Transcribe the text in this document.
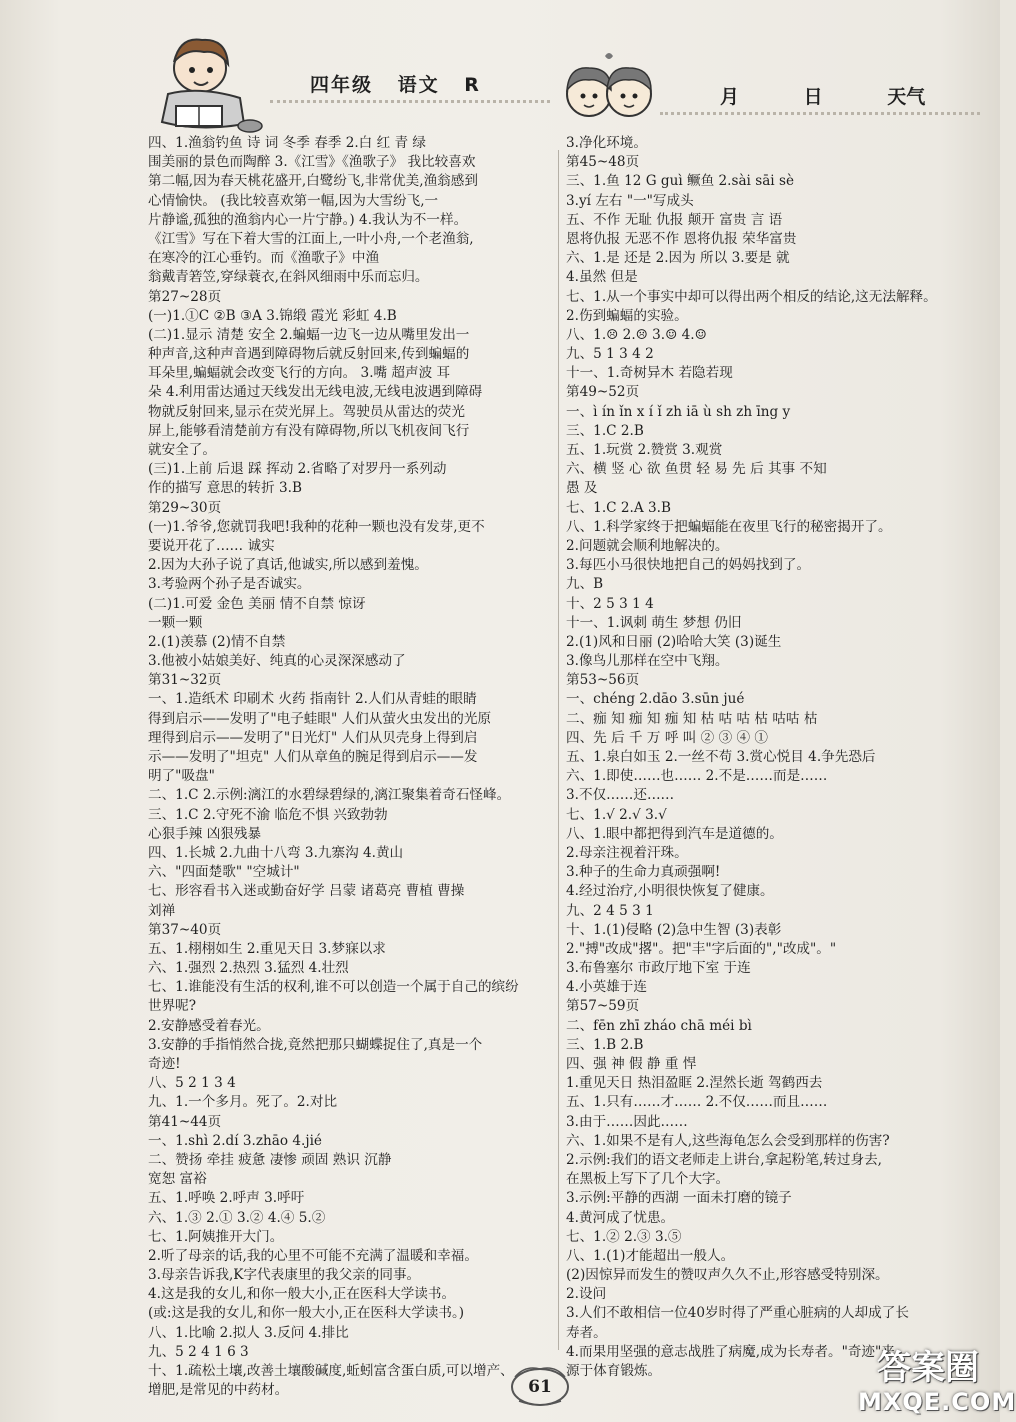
四年级 语文 R
月	日	天气
四、1.渔翁钓鱼 诗 词 冬季 春季 2.白 红 青 绿
围美丽的景色而陶醉 3.《江雪》《渔歌子》 我比较喜欢
第二幅,因为春天桃花盛开,白鹭纷飞,非常优美,渔翁感到
心情愉快。 (我比较喜欢第一幅,因为大雪纷飞,一
片静谧,孤独的渔翁内心一片宁静。) 4.我认为不一样。
《江雪》写在下着大雪的江面上,一叶小舟,一个老渔翁,
在寒冷的江心垂钓。而《渔歌子》中渔
翁戴青箬笠,穿绿蓑衣,在斜风细雨中乐而忘归。
第27~28页
(一)1.①C ②B ③A 3.锦缎 霞光 彩虹 4.B
(二)1.显示 清楚 安全 2.蝙蝠一边飞一边从嘴里发出一
种声音,这种声音遇到障碍物后就反射回来,传到蝙蝠的
耳朵里,蝙蝠就会改变飞行的方向。 3.嘴 超声波 耳
朵 4.利用雷达通过天线发出无线电波,无线电波遇到障碍
物就反射回来,显示在荧光屏上。驾驶员从雷达的荧光
屏上,能够看清楚前方有没有障碍物,所以飞机夜间飞行
就安全了。
(三)1.上前 后退 踩 挥动 2.省略了对罗丹一系列动
作的描写 意思的转折 3.B
第29~30页
(一)1.爷爷,您就罚我吧!我种的花种一颗也没有发芽,更不
要说开花了…… 诚实
2.因为大孙子说了真话,他诚实,所以感到羞愧。
3.考验两个孙子是否诚实。
(二)1.可爱 金色 美丽 情不自禁 惊讶
一颗一颗
2.(1)羡慕 (2)情不自禁
3.他被小姑娘美好、纯真的心灵深深感动了
第31~32页
一、1.造纸术 印刷术 火药 指南针 2.人们从青蛙的眼睛
得到启示——发明了"电子蛙眼" 人们从萤火虫发出的光原
理得到启示——发明了"日光灯" 人们从贝壳身上得到启
示——发明了"坦克" 人们从章鱼的腕足得到启示——发
明了"吸盘"
二、1.C 2.示例:漓江的水碧绿碧绿的,漓江聚集着奇石怪峰。
三、1.C 2.守死不渝 临危不惧 兴致勃勃
心狠手辣 凶狠残暴
四、1.长城 2.九曲十八弯 3.九寨沟 4.黄山
六、"四面楚歌" "空城计"
七、形容看书入迷或勤奋好学 吕蒙 诸葛亮 曹植 曹操
刘禅
第37~40页
五、1.栩栩如生 2.重见天日 3.梦寐以求
六、1.强烈 2.热烈 3.猛烈 4.壮烈
七、1.谁能没有生活的权利,谁不可以创造一个属于自己的缤纷
世界呢?
2.安静感受着春光。
3.安静的手指悄然合拢,竟然把那只蝴蝶捉住了,真是一个
奇迹!
八、5 2 1 3 4
九、1.一个多月。死了。2.对比
第41~44页
一、1.shì 2.dí 3.zhāo 4.jié
二、赞扬 牵挂 疲惫 凄惨 顽固 熟识 沉静
宽恕 富裕
五、1.呼唤 2.呼声 3.呼吁
六、1.③ 2.① 3.② 4.④ 5.②
七、1.阿姨推开大门。
2.听了母亲的话,我的心里不可能不充满了温暖和幸福。
3.母亲告诉我,K字代表康里的我父亲的同事。
4.这是我的女儿,和你一般大小,正在医科大学读书。
(或:这是我的女儿,和你一般大小,正在医科大学读书。)
八、1.比喻 2.拟人 3.反问 4.排比
九、5 2 4 1 6 3
十、1.疏松土壤,改善土壤酸碱度,蚯蚓富含蛋白质,可以增产、
增肥,是常见的中药材。
3.净化环境。
第45~48页
三、1.鱼 12 G guì 鳜鱼 2.sài sāi sè
3.yí 左右 "一"写成头
五、不作 无耻 仇报 颠开 富贵 言 语
恩将仇报 无恶不作 恩将仇报 荣华富贵
六、1.是 还是 2.因为 所以 3.要是 就
4.虽然 但是
七、1.从一个事实中却可以得出两个相反的结论,这无法解释。
2.伤到蝙蝠的实验。
八、1.☹ 2.☹ 3.☺ 4.☺
九、5 1 3 4 2
十一、1.奇树异木 若隐若现
第49~52页
一、ì ín ǐn x í ǐ zh iā ù sh zh īng y
三、1.C 2.B
五、1.玩赏 2.赞赏 3.观赏
六、横 竖 心 欲 鱼贯 轻 易 先 后 其事 不知
愚 及
七、1.C 2.A 3.B
八、1.科学家终于把蝙蝠能在夜里飞行的秘密揭开了。
2.问题就会顺利地解决的。
3.每匹小马很快地把自己的妈妈找到了。
九、B
十、2 5 3 1 4
十一、1.讽刺 萌生 梦想 仍旧
2.(1)风和日丽 (2)哈哈大笑 (3)诞生
3.像鸟儿那样在空中飞翔。
第53~56页
一、chéng 2.dāo 3.sūn jué
二、痂 知 痂 知 痂 知 枯 咕 咕 枯 咕咕 枯
四、先 后 千 万 呼 叫 ② ③ ④ ①
五、1.泉白如玉 2.一丝不苟 3.赏心悦目 4.争先恐后
六、1.即使……也…… 2.不是……而是……
3.不仅……还……
七、1.√ 2.√ 3.√
八、1.眼中都把得到汽车是道德的。
2.母亲注视着汗珠。
3.种子的生命力真顽强啊!
4.经过治疗,小明很快恢复了健康。
九、2 4 5 3 1
十、1.(1)侵略 (2)急中生智 (3)表彰
2."搏"改成"撂"。把"丰"字后面的","改成"。"
3.布鲁塞尔 市政厅地下室 于连
4.小英雄于连
第57~59页
二、fēn zhī zháo chā méi bì
三、1.B 2.B
四、强 神 假 静 重 悍
1.重见天日 热泪盈眶 2.涅然长逝 驾鹤西去
五、1.只有……才…… 2.不仅……而且……
3.由于……因此……
六、1.如果不是有人,这些海龟怎么会受到那样的伤害?
2.示例:我们的语文老师走上讲台,拿起粉笔,转过身去,
在黑板上写下了几个大字。
3.示例:平静的西湖 一面未打磨的镜子
4.黄河成了忧患。
七、1.② 2.③ 3.⑤
八、1.(1)才能超出一般人。
(2)因惊异而发生的赞叹声久久不止,形容感受特别深。
2.设问
3.人们不敢相信一位40岁时得了严重心脏病的人却成了长
寿者。
4.而果用坚强的意志战胜了病魔,成为长寿者。"奇迹"来
源于体育锻炼。
61	答案圈
MXQE.COM
